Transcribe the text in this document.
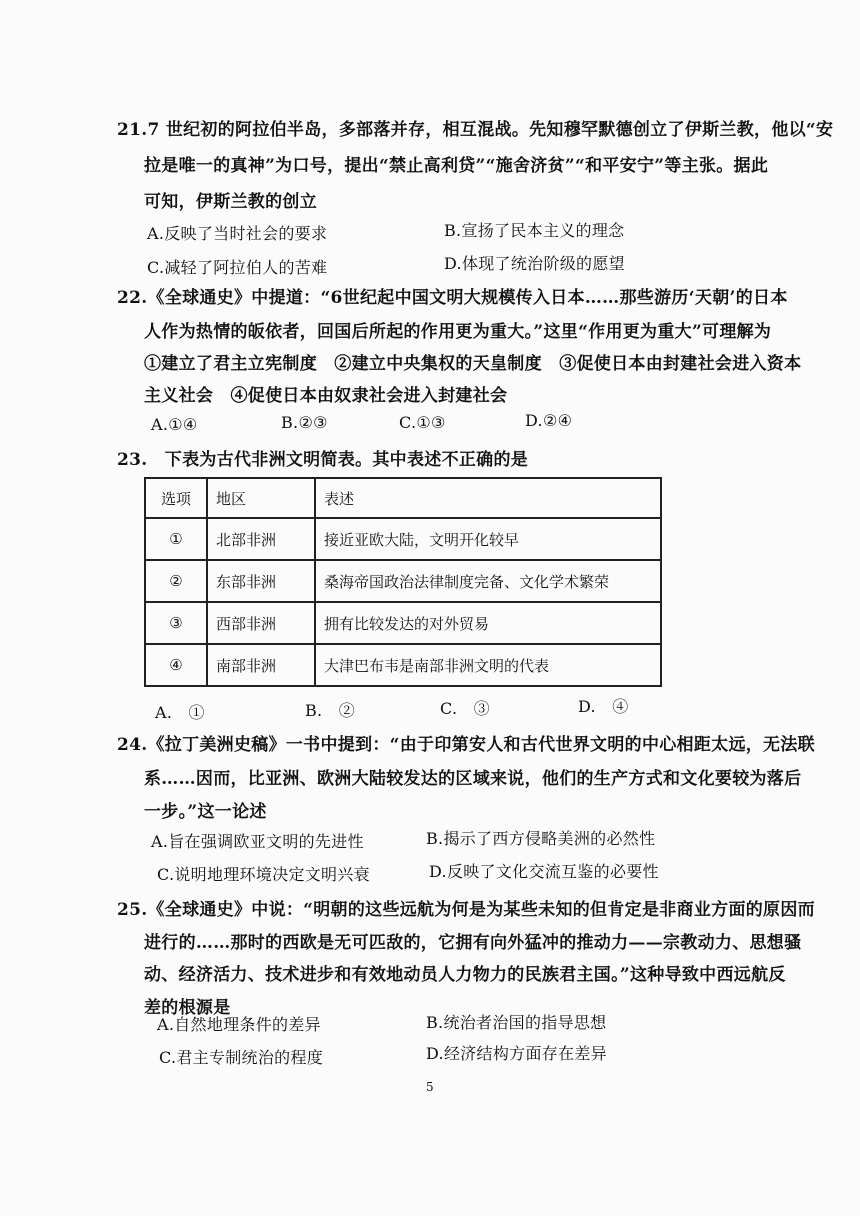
21.7 世纪初的阿拉伯半岛，多部落并存，相互混战。先知穆罕默德创立了伊斯兰教，他以“安
拉是唯一的真神”为口号，提出“禁止高利贷”“施舍济贫”“和平安宁”等主张。据此
可知，伊斯兰教的创立
A.反映了当时社会的要求	B.宣扬了民本主义的理念
C.减轻了阿拉伯人的苦难	D.体现了统治阶级的愿望
22.《全球通史》中提道：“6世纪起中国文明大规模传入日本……那些游历‘天朝’的日本
人作为热情的皈依者，回国后所起的作用更为重大。”这里“作用更为重大”可理解为
①建立了君主立宪制度　②建立中央集权的天皇制度　③促使日本由封建社会进入资本
主义社会　④促使日本由奴隶社会进入封建社会
A.①④	B.②③	C.①③	D.②④
23.　下表为古代非洲文明简表。其中表述不正确的是
选项	地区	表述
①	北部非洲	接近亚欧大陆，文明开化较早
②	东部非洲	桑海帝国政治法律制度完备、文化学术繁荣
③	西部非洲	拥有比较发达的对外贸易
④	南部非洲	大津巴布韦是南部非洲文明的代表
A.　①	B.　②	C.　③	D.　④
24.《拉丁美洲史稿》一书中提到：“由于印第安人和古代世界文明的中心相距太远，无法联
系……因而，比亚洲、欧洲大陆较发达的区域来说，他们的生产方式和文化要较为落后
一步。”这一论述
A.旨在强调欧亚文明的先进性	B.揭示了西方侵略美洲的必然性
C.说明地理环境决定文明兴衰	D.反映了文化交流互鉴的必要性
25.《全球通史》中说：“明朝的这些远航为何是为某些未知的但肯定是非商业方面的原因而
进行的……那时的西欧是无可匹敌的，它拥有向外猛冲的推动力——宗教动力、思想骚
动、经济活力、技术进步和有效地动员人力物力的民族君主国。”这种导致中西远航反
差的根源是
A.自然地理条件的差异	B.统治者治国的指导思想
C.君主专制统治的程度	D.经济结构方面存在差异
5
